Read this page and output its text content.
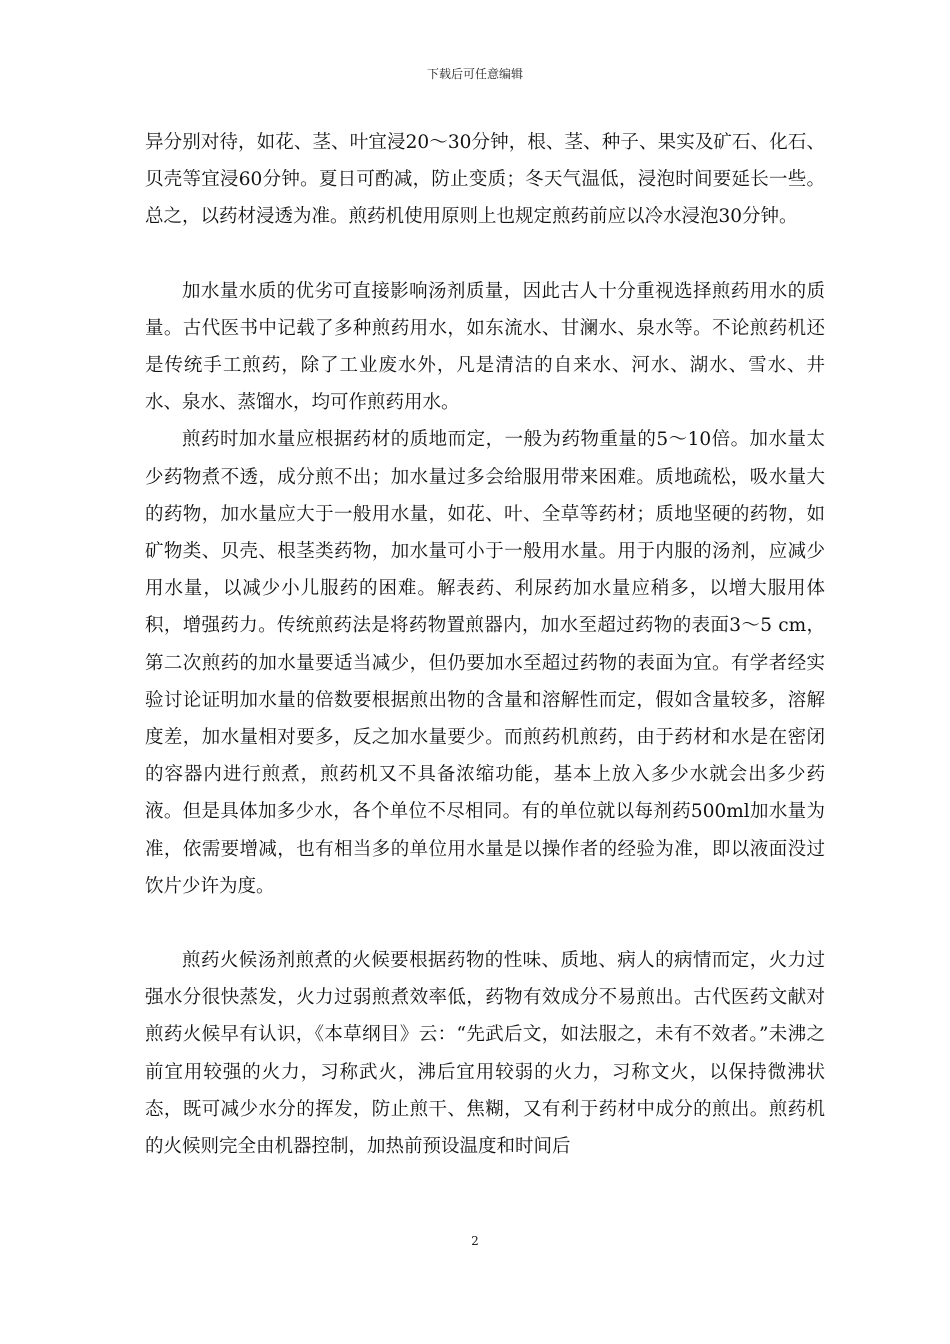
下载后可任意编辑

异分别对待，如花、茎、叶宜浸20～30分钟，根、茎、种子、果实及矿石、化石、贝壳等宜浸60分钟。夏日可酌减，防止变质；冬天气温低，浸泡时间要延长一些。总之，以药材浸透为准。煎药机使用原则上也规定煎药前应以冷水浸泡30分钟。

加水量水质的优劣可直接影响汤剂质量，因此古人十分重视选择煎药用水的质量。古代医书中记载了多种煎药用水，如东流水、甘澜水、泉水等。不论煎药机还是传统手工煎药，除了工业废水外，凡是清洁的自来水、河水、湖水、雪水、井水、泉水、蒸馏水，均可作煎药用水。

煎药时加水量应根据药材的质地而定，一般为药物重量的5～10倍。加水量太少药物煮不透，成分煎不出；加水量过多会给服用带来困难。质地疏松，吸水量大的药物，加水量应大于一般用水量，如花、叶、全草等药材；质地坚硬的药物，如矿物类、贝壳、根茎类药物，加水量可小于一般用水量。用于内服的汤剂，应减少用水量，以减少小儿服药的困难。解表药、利尿药加水量应稍多，以增大服用体积，增强药力。传统煎药法是将药物置煎器内，加水至超过药物的表面3～5 cm，第二次煎药的加水量要适当减少，但仍要加水至超过药物的表面为宜。有学者经实验讨论证明加水量的倍数要根据煎出物的含量和溶解性而定，假如含量较多，溶解度差，加水量相对要多，反之加水量要少。而煎药机煎药，由于药材和水是在密闭的容器内进行煎煮，煎药机又不具备浓缩功能，基本上放入多少水就会出多少药液。但是具体加多少水，各个单位不尽相同。有的单位就以每剂药500ml加水量为准，依需要增减，也有相当多的单位用水量是以操作者的经验为准，即以液面没过饮片少许为度。

煎药火候汤剂煎煮的火候要根据药物的性味、质地、病人的病情而定，火力过强水分很快蒸发，火力过弱煎煮效率低，药物有效成分不易煎出。古代医药文献对煎药火候早有认识，《本草纲目》云：“先武后文，如法服之，未有不效者。”未沸之前宜用较强的火力，习称武火，沸后宜用较弱的火力，习称文火，以保持微沸状态，既可减少水分的挥发，防止煎干、焦糊，又有利于药材中成分的煎出。煎药机的火候则完全由机器控制，加热前预设温度和时间后

2
